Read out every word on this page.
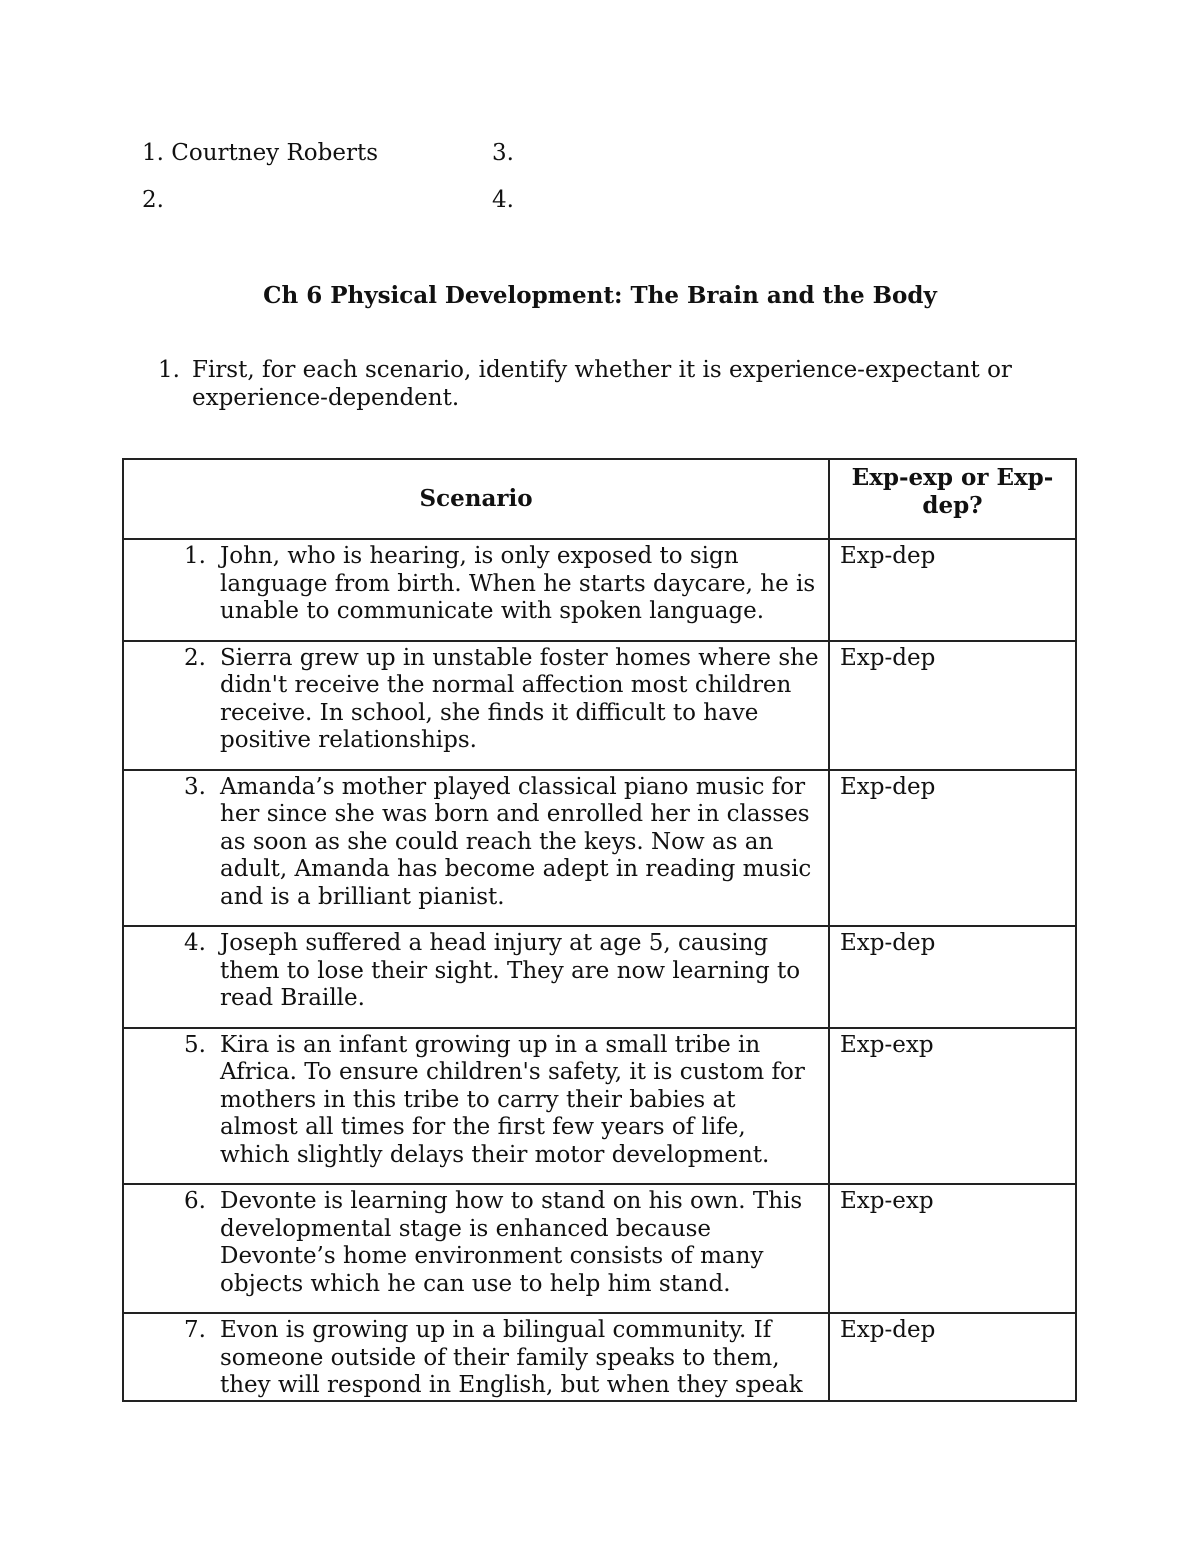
1. Courtney Roberts	3.
2.	4.
Ch 6 Physical Development: The Brain and the Body
1. First, for each scenario, identify whether it is experience-expectant or experience-dependent.
Scenario	Exp-exp or Exp-dep?

1. John, who is hearing, is only exposed to sign language from birth. When he starts daycare, he is unable to communicate with spoken language.	Exp-dep

2. Sierra grew up in unstable foster homes where she didn't receive the normal affection most children receive. In school, she finds it difficult to have positive relationships.	Exp-dep

3. Amanda’s mother played classical piano music for her since she was born and enrolled her in classes as soon as she could reach the keys. Now as an adult, Amanda has become adept in reading music and is a brilliant pianist.	Exp-dep

4. Joseph suffered a head injury at age 5, causing them to lose their sight. They are now learning to read Braille.	Exp-dep

5. Kira is an infant growing up in a small tribe in Africa. To ensure children's safety, it is custom for mothers in this tribe to carry their babies at almost all times for the first few years of life, which slightly delays their motor development.	Exp-exp

6. Devonte is learning how to stand on his own. This developmental stage is enhanced because Devonte’s home environment consists of many objects which he can use to help him stand.	Exp-exp

7. Evon is growing up in a bilingual community. If someone outside of their family speaks to them, they will respond in English, but when they speak	Exp-dep
